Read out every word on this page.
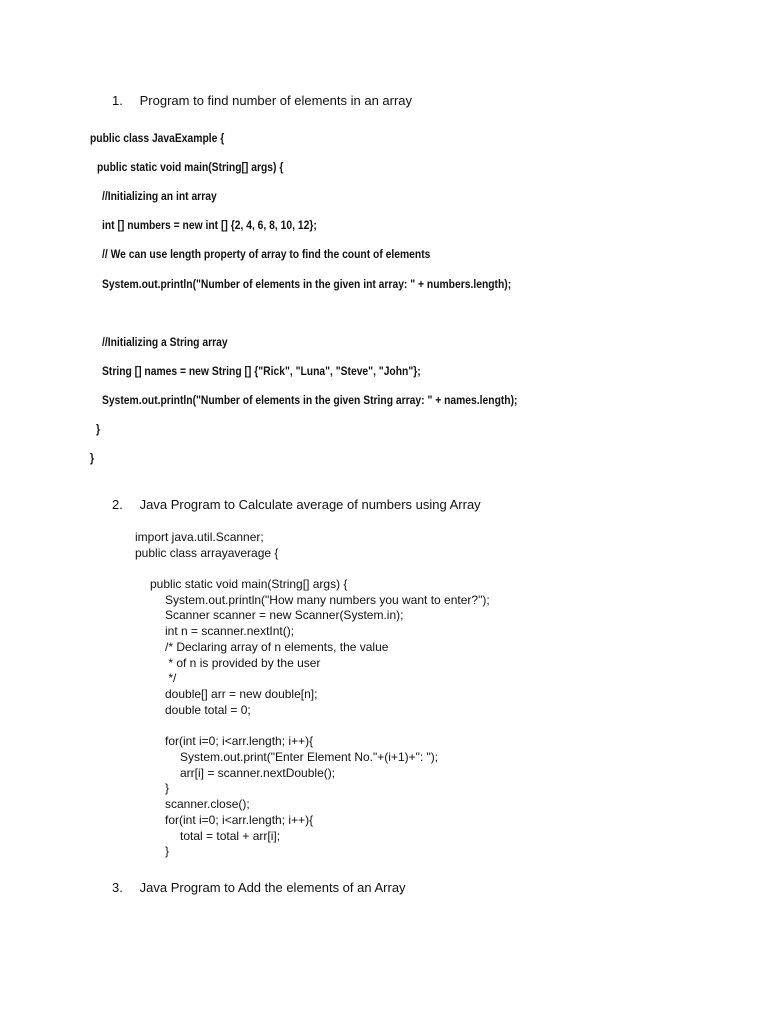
1. Program to find number of elements in an array
public class JavaExample {
public static void main(String[] args) {
//Initializing an int array
int [] numbers = new int [] {2, 4, 6, 8, 10, 12};
// We can use length property of array to find the count of elements
System.out.println("Number of elements in the given int array: " + numbers.length);
//Initializing a String array
String [] names = new String [] {"Rick", "Luna", "Steve", "John"};
System.out.println("Number of elements in the given String array: " + names.length);
}
}
2. Java Program to Calculate average of numbers using Array
import java.util.Scanner;
public class arrayaverage {
public static void main(String[] args) {
System.out.println("How many numbers you want to enter?");
Scanner scanner = new Scanner(System.in);
int n = scanner.nextInt();
/* Declaring array of n elements, the value
* of n is provided by the user
*/
double[] arr = new double[n];
double total = 0;
for(int i=0; i<arr.length; i++){
System.out.print("Enter Element No."+(i+1)+": ");
arr[i] = scanner.nextDouble();
}
scanner.close();
for(int i=0; i<arr.length; i++){
total = total + arr[i];
}
3. Java Program to Add the elements of an Array
